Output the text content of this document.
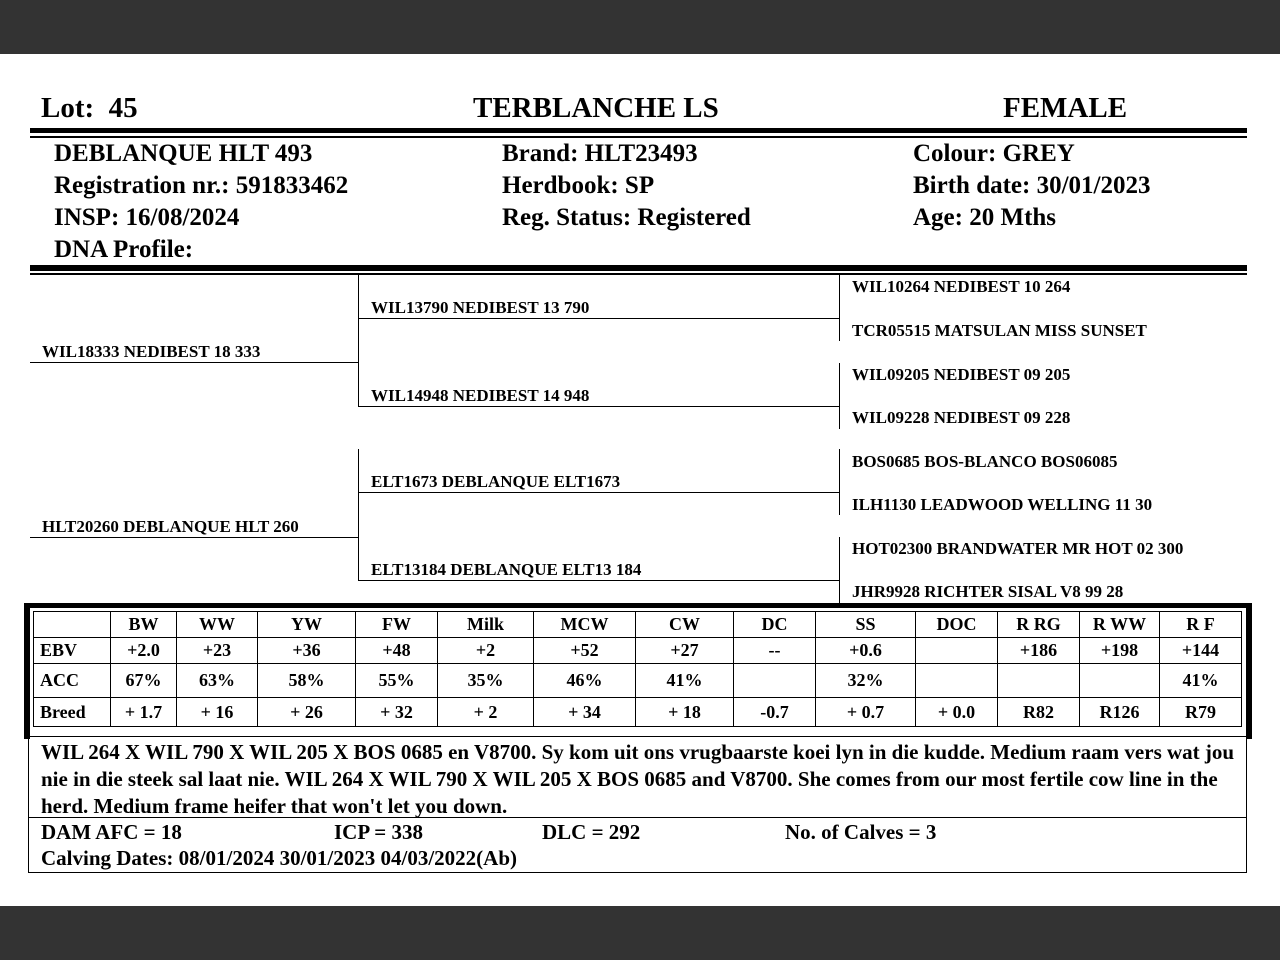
Lot: 45	TERBLANCHE LS	FEMALE
DEBLANQUE HLT 493
Registration nr.: 591833462
INSP: 16/08/2024
DNA Profile:
Brand: HLT23493
Herdbook: SP
Reg. Status: Registered
Colour: GREY
Birth date: 30/01/2023
Age: 20 Mths
WIL18333 NEDIBEST 18 333
HLT20260 DEBLANQUE HLT 260
WIL13790 NEDIBEST 13 790
WIL14948 NEDIBEST 14 948
ELT1673 DEBLANQUE ELT1673
ELT13184 DEBLANQUE ELT13 184
WIL10264 NEDIBEST 10 264
TCR05515 MATSULAN MISS SUNSET
WIL09205 NEDIBEST 09 205
WIL09228 NEDIBEST 09 228
BOS0685 BOS-BLANCO BOS06085
ILH1130 LEADWOOD WELLING 11 30
HOT02300 BRANDWATER MR HOT 02 300
JHR9928 RICHTER SISAL V8 99 28
	BW	WW	YW	FW	Milk	MCW	CW	DC	SS	DOC	R RG	R WW	R F
EBV	+2.0	+23	+36	+48	+2	+52	+27	--	+0.6		+186	+198	+144
ACC	67%	63%	58%	55%	35%	46%	41%		32%				41%
Breed	+ 1.7	+ 16	+ 26	+ 32	+ 2	+ 34	+ 18	-0.7	+ 0.7	+ 0.0	R82	R126	R79
WIL 264 X WIL 790 X WIL 205 X BOS 0685 en V8700. Sy kom uit ons vrugbaarste koei lyn in die kudde. Medium raam vers wat jou nie in die steek sal laat nie. WIL 264 X WIL 790 X WIL 205 X BOS 0685 and V8700. She comes from our most fertile cow line in the herd. Medium frame heifer that won't let you down.
DAM AFC = 18	ICP = 338	DLC = 292	No. of Calves = 3
Calving Dates: 08/01/2024 30/01/2023 04/03/2022(Ab)
